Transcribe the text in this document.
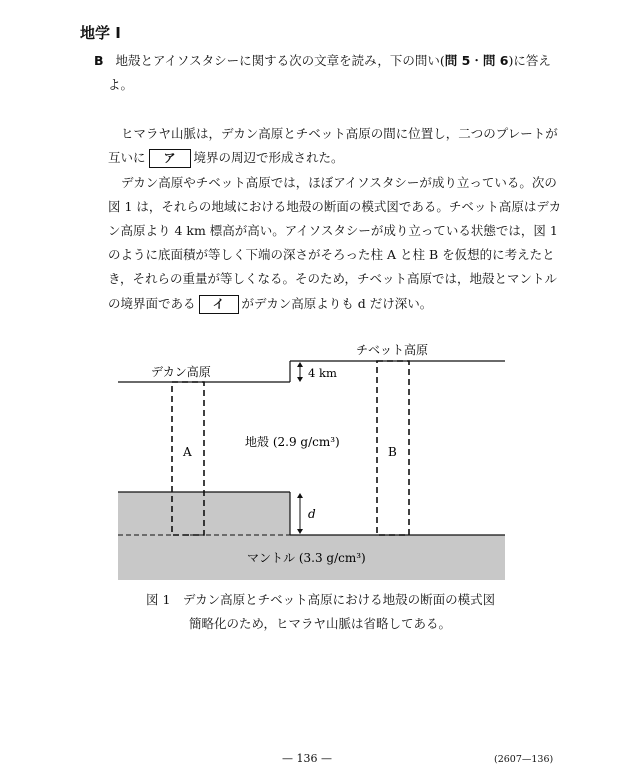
地学 I
B 地殻とアイソスタシーに関する次の文章を読み，下の問い(問 5・問 6)に答え
よ。
ヒマラヤ山脈は，デカン高原とチベット高原の間に位置し，二つのプレートが
互いに ア 境界の周辺で形成された。
デカン高原やチベット高原では，ほぼアイソスタシーが成り立っている。次の
図 1 は，それらの地域における地殻の断面の模式図である。チベット高原はデカ
ン高原より 4 km 標高が高い。アイソスタシーが成り立っている状態では，図 1
のように底面積が等しく下端の深さがそろった柱 A と柱 B を仮想的に考えたと
き，それらの重量が等しくなる。そのため，チベット高原では，地殻とマントル
の境界面である イ がデカン高原よりも d だけ深い。
デカン高原
チベット高原
4 km
地殻 (2.9 g/cm³)
d
マントル (3.3 g/cm³)
A	B
図 1　デカン高原とチベット高原における地殻の断面の模式図
簡略化のため，ヒマラヤ山脈は省略してある。
— 136 —	(2607—136)
